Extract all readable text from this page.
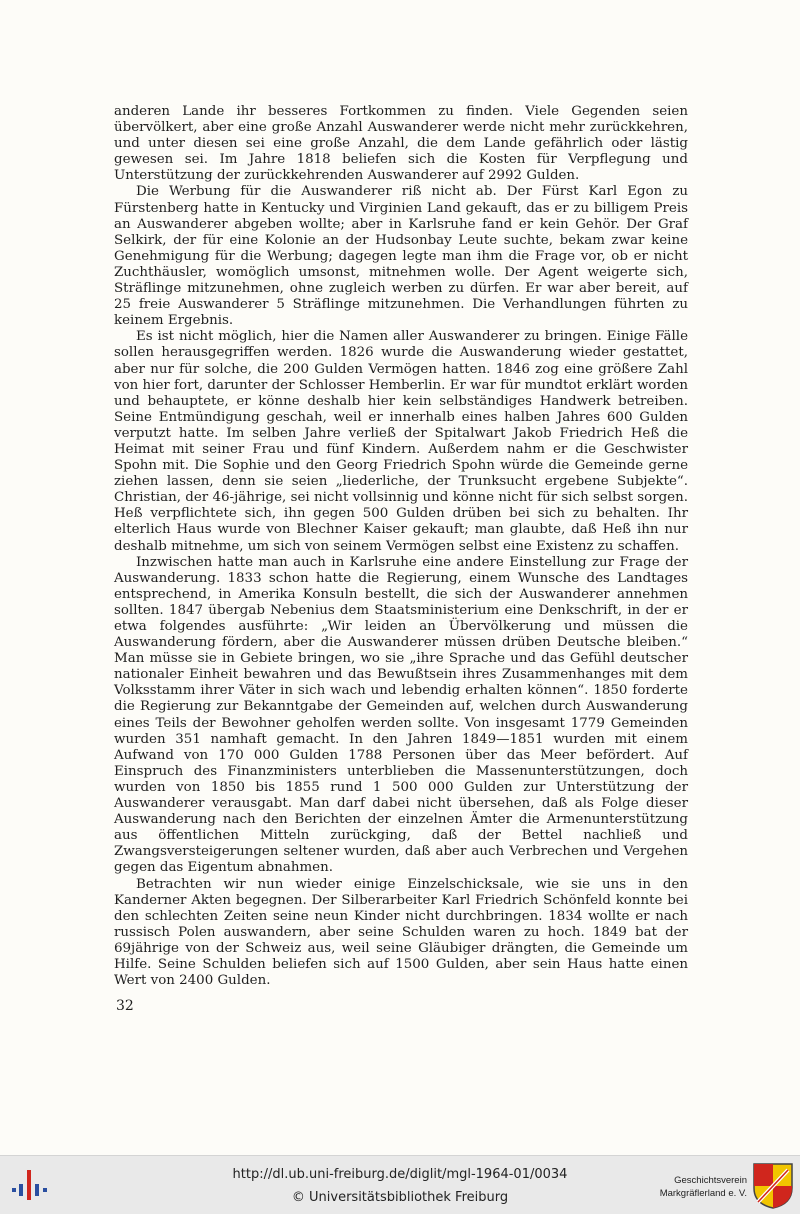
anderen Lande ihr besseres Fortkommen zu finden. Viele Gegenden seien übervölkert, aber eine große Anzahl Auswanderer werde nicht mehr zurückkehren, und unter diesen sei eine große Anzahl, die dem Lande gefährlich oder lästig gewesen sei. Im Jahre 1818 beliefen sich die Kosten für Verpflegung und Unterstützung der zurückkehrenden Auswanderer auf 2992 Gulden.

Die Werbung für die Auswanderer riß nicht ab. Der Fürst Karl Egon zu Fürstenberg hatte in Kentucky und Virginien Land gekauft, das er zu billigem Preis an Auswanderer abgeben wollte; aber in Karlsruhe fand er kein Gehör. Der Graf Selkirk, der für eine Kolonie an der Hudsonbay Leute suchte, bekam zwar keine Genehmigung für die Werbung; dagegen legte man ihm die Frage vor, ob er nicht Zuchthäusler, womöglich umsonst, mitnehmen wolle. Der Agent weigerte sich, Sträflinge mitzunehmen, ohne zugleich werben zu dürfen. Er war aber bereit, auf 25 freie Auswanderer 5 Sträflinge mitzunehmen. Die Verhandlungen führten zu keinem Ergebnis.

Es ist nicht möglich, hier die Namen aller Auswanderer zu bringen. Einige Fälle sollen herausgegriffen werden. 1826 wurde die Auswanderung wieder gestattet, aber nur für solche, die 200 Gulden Vermögen hatten. 1846 zog eine größere Zahl von hier fort, darunter der Schlosser Hemberlin. Er war für mundtot erklärt worden und behauptete, er könne deshalb hier kein selbständiges Handwerk betreiben. Seine Entmündigung geschah, weil er innerhalb eines halben Jahres 600 Gulden verputzt hatte. Im selben Jahre verließ der Spitalwart Jakob Friedrich Heß die Heimat mit seiner Frau und fünf Kindern. Außerdem nahm er die Geschwister Spohn mit. Die Sophie und den Georg Friedrich Spohn würde die Gemeinde gerne ziehen lassen, denn sie seien „liederliche, der Trunksucht ergebene Subjekte“. Christian, der 46-jährige, sei nicht vollsinnig und könne nicht für sich selbst sorgen. Heß verpflichtete sich, ihn gegen 500 Gulden drüben bei sich zu behalten. Ihr elterlich Haus wurde von Blechner Kaiser gekauft; man glaubte, daß Heß ihn nur deshalb mitnehme, um sich von seinem Vermögen selbst eine Existenz zu schaffen.

Inzwischen hatte man auch in Karlsruhe eine andere Einstellung zur Frage der Auswanderung. 1833 schon hatte die Regierung, einem Wunsche des Landtages entsprechend, in Amerika Konsuln bestellt, die sich der Auswanderer annehmen sollten. 1847 übergab Nebenius dem Staatsministerium eine Denkschrift, in der er etwa folgendes ausführte: „Wir leiden an Übervölkerung und müssen die Auswanderung fördern, aber die Auswanderer müssen drüben Deutsche bleiben.“ Man müsse sie in Gebiete bringen, wo sie „ihre Sprache und das Gefühl deutscher nationaler Einheit bewahren und das Bewußtsein ihres Zusammenhanges mit dem Volksstamm ihrer Väter in sich wach und lebendig erhalten können“. 1850 forderte die Regierung zur Bekanntgabe der Gemeinden auf, welchen durch Auswanderung eines Teils der Bewohner geholfen werden sollte. Von insgesamt 1779 Gemeinden wurden 351 namhaft gemacht. In den Jahren 1849—1851 wurden mit einem Aufwand von 170 000 Gulden 1788 Personen über das Meer befördert. Auf Einspruch des Finanzministers unterblieben die Massenunterstützungen, doch wurden von 1850 bis 1855 rund 1 500 000 Gulden zur Unterstützung der Auswanderer verausgabt. Man darf dabei nicht übersehen, daß als Folge dieser Auswanderung nach den Berichten der einzelnen Ämter die Armenunterstützung aus öffentlichen Mitteln zurückging, daß der Bettel nachließ und Zwangsversteigerungen seltener wurden, daß aber auch Verbrechen und Vergehen gegen das Eigentum abnahmen.

Betrachten wir nun wieder einige Einzelschicksale, wie sie uns in den Kanderner Akten begegnen. Der Silberarbeiter Karl Friedrich Schönfeld konnte bei den schlechten Zeiten seine neun Kinder nicht durchbringen. 1834 wollte er nach russisch Polen auswandern, aber seine Schulden waren zu hoch. 1849 bat der 69jährige von der Schweiz aus, weil seine Gläubiger drängten, die Gemeinde um Hilfe. Seine Schulden beliefen sich auf 1500 Gulden, aber sein Haus hatte einen Wert von 2400 Gulden.

32
http://dl.ub.uni-freiburg.de/diglit/mgl-1964-01/0034
© Universitätsbibliothek Freiburg
Geschichtsverein
Markgräflerland e. V.
